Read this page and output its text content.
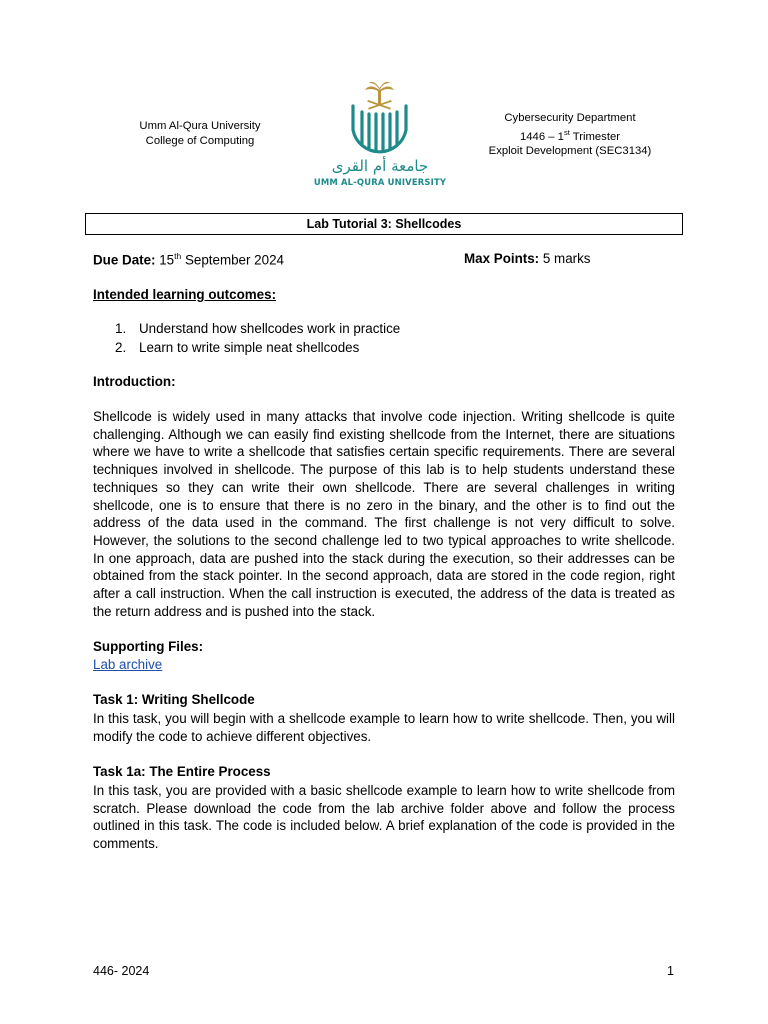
Umm Al-Qura University
College of Computing
جامعة أم القرى
UMM AL-QURA UNIVERSITY
Cybersecurity Department
1446 – 1st Trimester
Exploit Development (SEC3134)
Lab Tutorial 3: Shellcodes
Due Date: 15th September 2024	Max Points: 5 marks
Intended learning outcomes:
1. Understand how shellcodes work in practice
2. Learn to write simple neat shellcodes
Introduction:
Shellcode is widely used in many attacks that involve code injection. Writing shellcode is quite challenging. Although we can easily find existing shellcode from the Internet, there are situations where we have to write a shellcode that satisfies certain specific requirements. There are several techniques involved in shellcode. The purpose of this lab is to help students understand these techniques so they can write their own shellcode. There are several challenges in writing shellcode, one is to ensure that there is no zero in the binary, and the other is to find out the address of the data used in the command. The first challenge is not very difficult to solve. However, the solutions to the second challenge led to two typical approaches to write shellcode. In one approach, data are pushed into the stack during the execution, so their addresses can be obtained from the stack pointer. In the second approach, data are stored in the code region, right after a call instruction. When the call instruction is executed, the address of the data is treated as the return address and is pushed into the stack.
Supporting Files:
Lab archive
Task 1: Writing Shellcode
In this task, you will begin with a shellcode example to learn how to write shellcode. Then, you will modify the code to achieve different objectives.
Task 1a: The Entire Process
In this task, you are provided with a basic shellcode example to learn how to write shellcode from scratch. Please download the code from the lab archive folder above and follow the process outlined in this task. The code is included below. A brief explanation of the code is provided in the comments.
446- 2024	1
